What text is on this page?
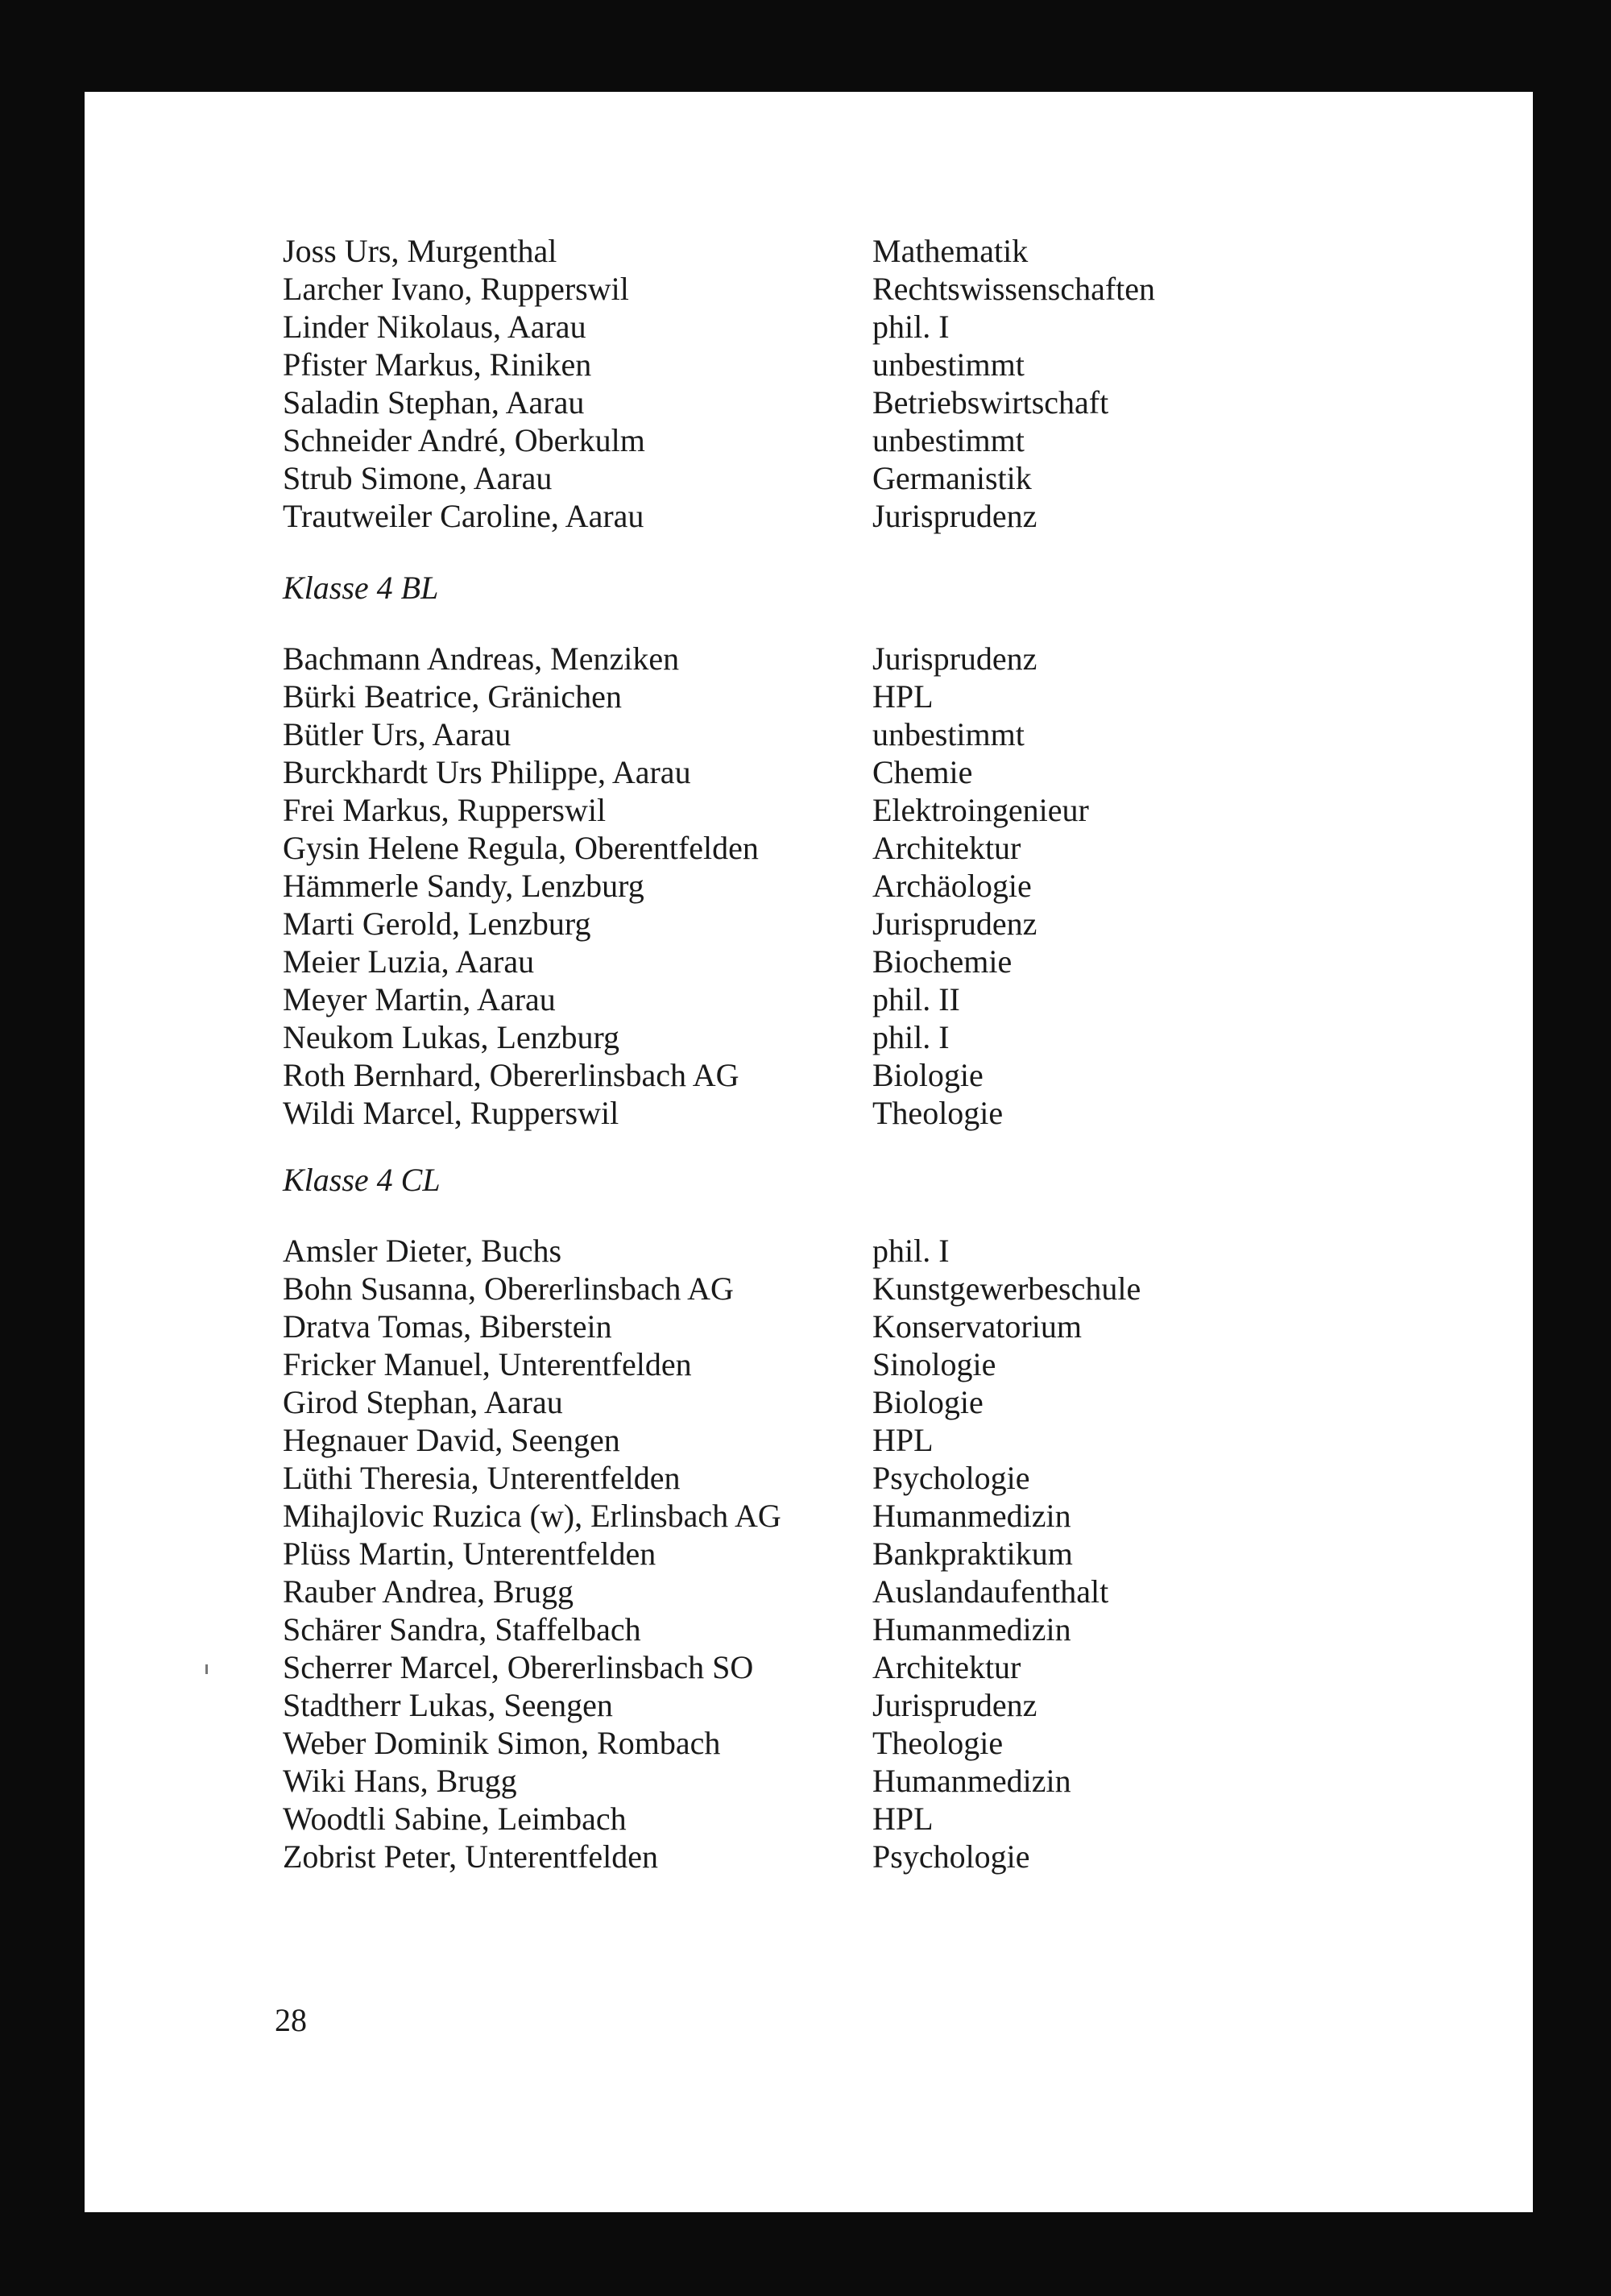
Joss Urs, Murgenthal	Mathematik
Larcher Ivano, Rupperswil	Rechtswissenschaften
Linder Nikolaus, Aarau	phil. I
Pfister Markus, Riniken	unbestimmt
Saladin Stephan, Aarau	Betriebswirtschaft
Schneider André, Oberkulm	unbestimmt
Strub Simone, Aarau	Germanistik
Trautweiler Caroline, Aarau	Jurisprudenz
Klasse 4 BL
Bachmann Andreas, Menziken	Jurisprudenz
Bürki Beatrice, Gränichen	HPL
Bütler Urs, Aarau	unbestimmt
Burckhardt Urs Philippe, Aarau	Chemie
Frei Markus, Rupperswil	Elektroingenieur
Gysin Helene Regula, Oberentfelden	Architektur
Hämmerle Sandy, Lenzburg	Archäologie
Marti Gerold, Lenzburg	Jurisprudenz
Meier Luzia, Aarau	Biochemie
Meyer Martin, Aarau	phil. II
Neukom Lukas, Lenzburg	phil. I
Roth Bernhard, Obererlinsbach AG	Biologie
Wildi Marcel, Rupperswil	Theologie
Klasse 4 CL
Amsler Dieter, Buchs	phil. I
Bohn Susanna, Obererlinsbach AG	Kunstgewerbeschule
Dratva Tomas, Biberstein	Konservatorium
Fricker Manuel, Unterentfelden	Sinologie
Girod Stephan, Aarau	Biologie
Hegnauer David, Seengen	HPL
Lüthi Theresia, Unterentfelden	Psychologie
Mihajlovic Ruzica (w), Erlinsbach AG	Humanmedizin
Plüss Martin, Unterentfelden	Bankpraktikum
Rauber Andrea, Brugg	Auslandaufenthalt
Schärer Sandra, Staffelbach	Humanmedizin
Scherrer Marcel, Obererlinsbach SO	Architektur
Stadtherr Lukas, Seengen	Jurisprudenz
Weber Dominik Simon, Rombach	Theologie
Wiki Hans, Brugg	Humanmedizin
Woodtli Sabine, Leimbach	HPL
Zobrist Peter, Unterentfelden	Psychologie
28
